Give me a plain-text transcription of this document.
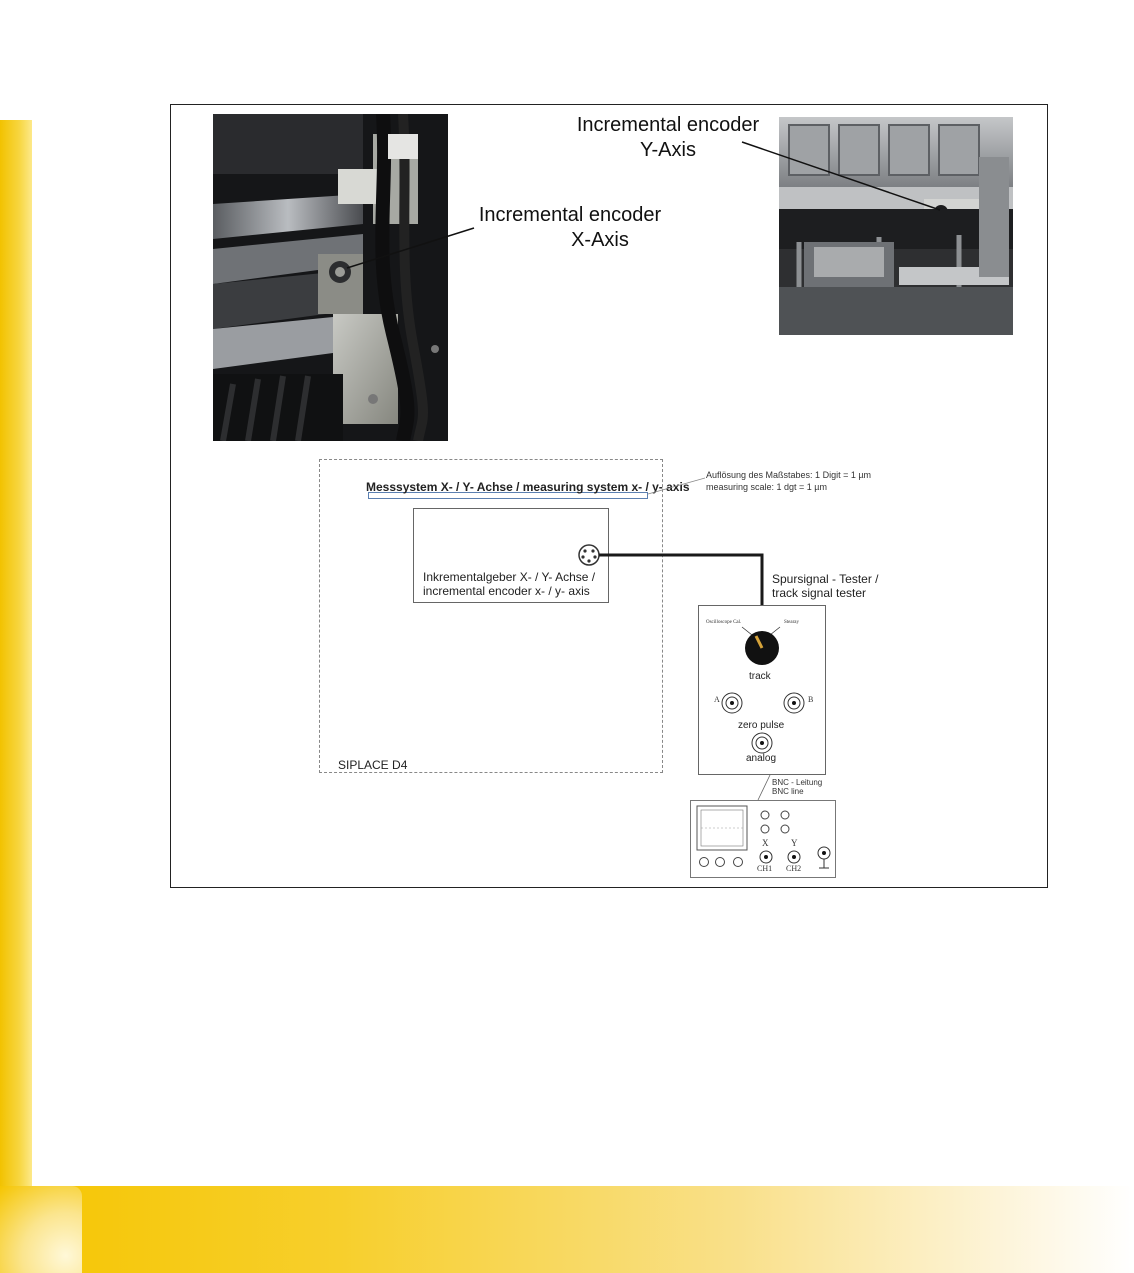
Incremental encoder
X-Axis
Incremental encoder
Y-Axis
Messsystem X- / Y- Achse / measuring system x- / y- axis
Auflösung des Maßstabes: 1 Digit = 1 µm
measuring scale: 1 dgt = 1 µm
Inkrementalgeber X- / Y- Achse /
incremental encoder x- / y- axis
SIPLACE D4
Spursignal - Tester /
track signal tester
Oscilloscope Cal.	Stearay
track
A	B
zero pulse
analog
BNC - Leitung
BNC line
X	Y
CH1 CH2
